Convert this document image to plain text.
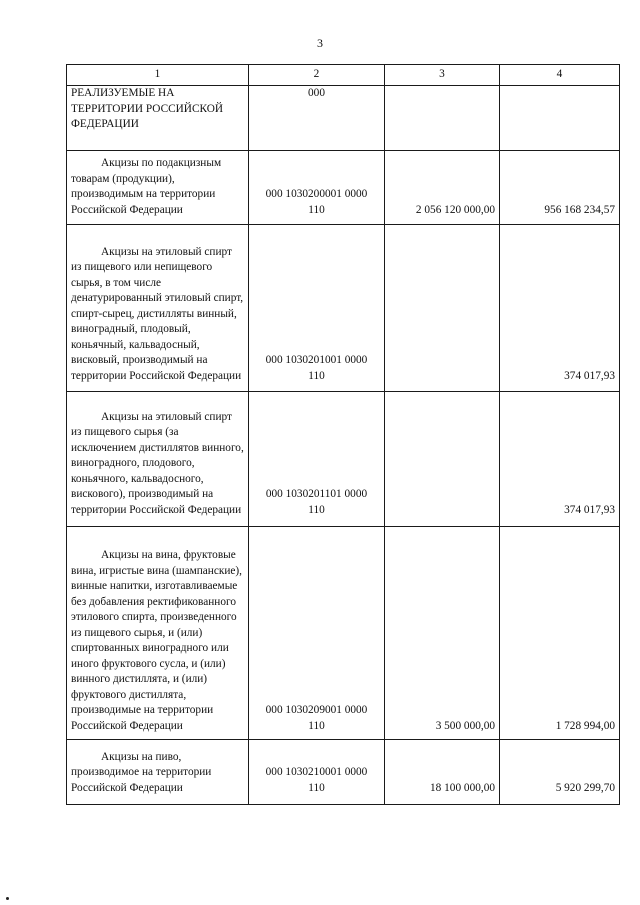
3
1	2	3	4

РЕАЛИЗУЕМЫЕ НА ТЕРРИТОРИИ РОССИЙСКОЙ ФЕДЕРАЦИИ	000		

Акцизы по подакцизным товарам (продукции), производимым на территории Российской Федерации	000 1030200001 0000 110	2 056 120 000,00	956 168 234,57

Акцизы на этиловый спирт из пищевого или непищевого сырья, в том числе денатурированный этиловый спирт, спирт-сырец, дистилляты винный, виноградный, плодовый, коньячный, кальвадосный, висковый, производимый на территории Российской Федерации	000 1030201001 0000 110		374 017,93

Акцизы на этиловый спирт из пищевого сырья (за исключением дистиллятов винного, виноградного, плодового, коньячного, кальвадосного, вискового), производимый на территории Российской Федерации	000 1030201101 0000 110		374 017,93

Акцизы на вина, фруктовые вина, игристые вина (шампанские), винные напитки, изготавливаемые без добавления ректификованного этилового спирта, произведенного из пищевого сырья, и (или) спиртованных виноградного или иного фруктового сусла, и (или) винного дистиллята, и (или) фруктового дистиллята, производимые на территории Российской Федерации	000 1030209001 0000 110	3 500 000,00	1 728 994,00

Акцизы на пиво, производимое на территории Российской Федерации	000 1030210001 0000 110	18 100 000,00	5 920 299,70
